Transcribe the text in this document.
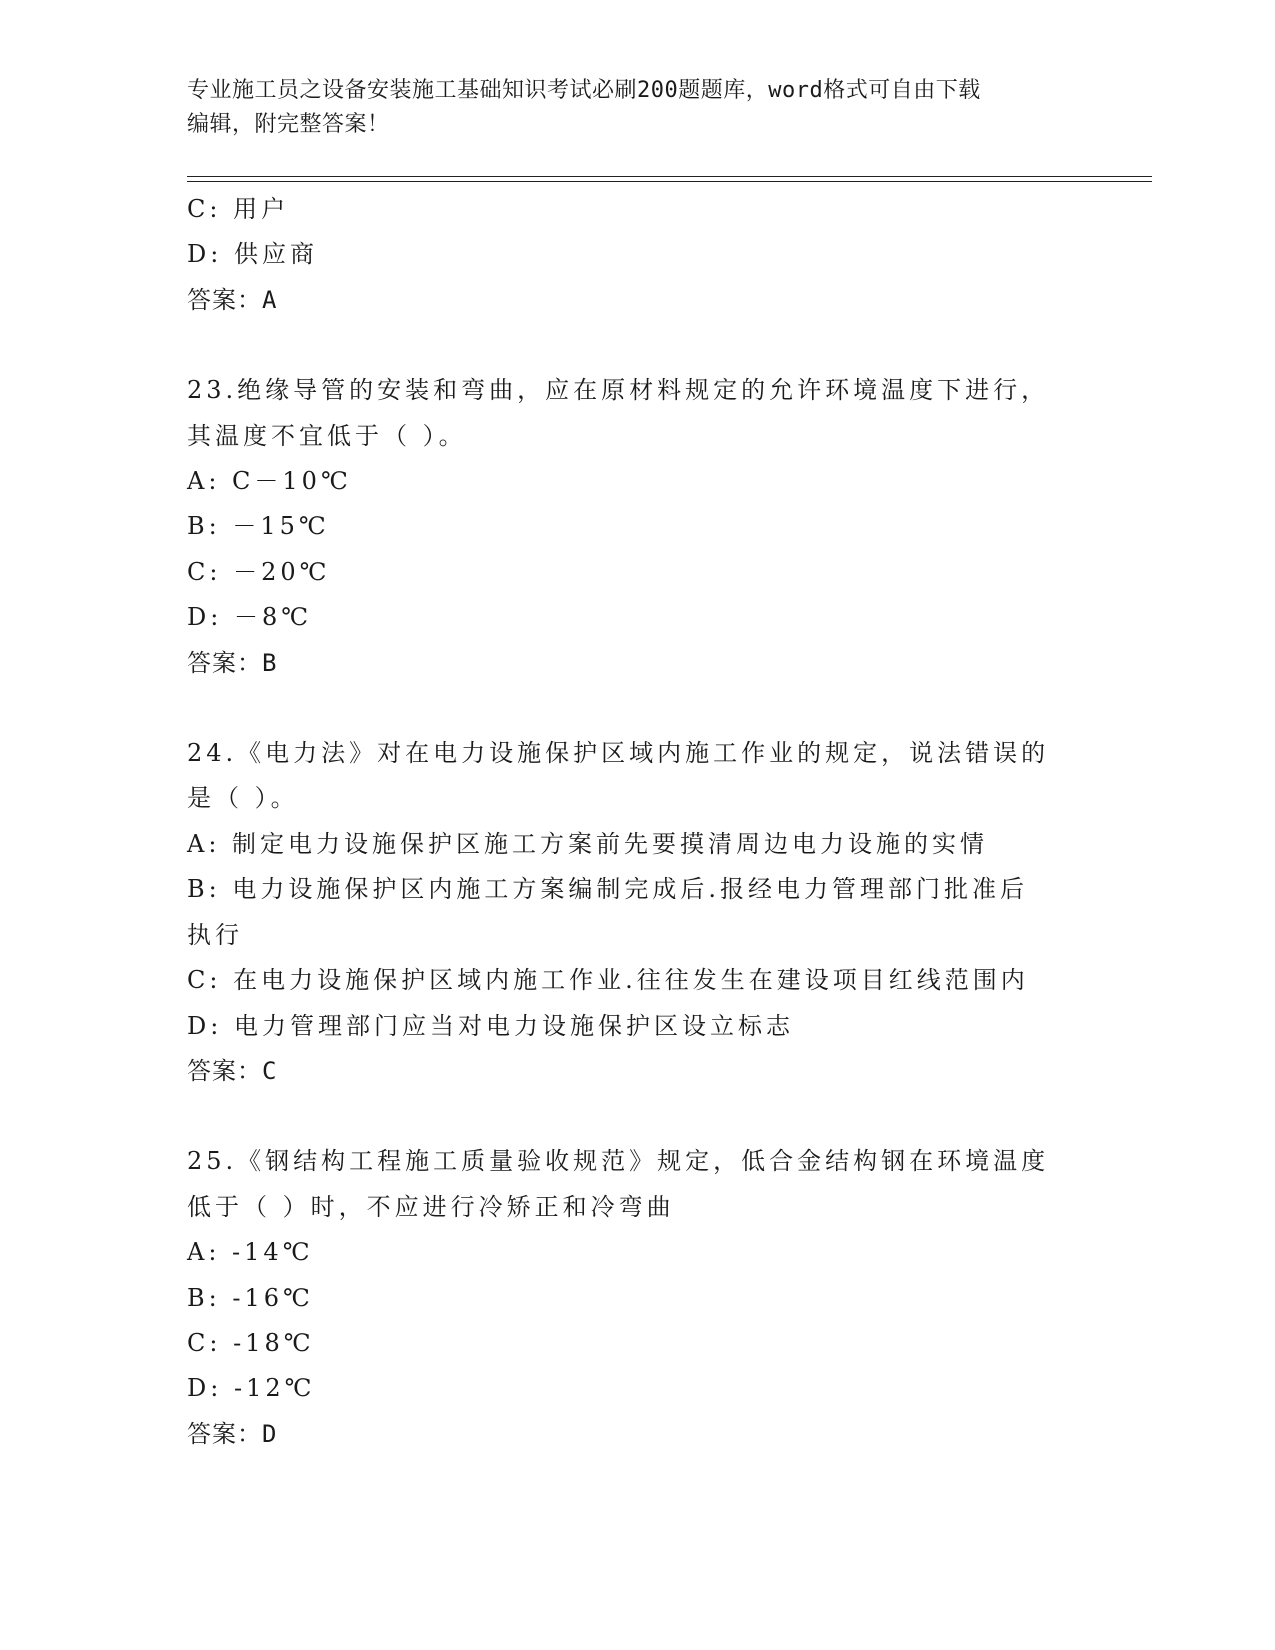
专业施工员之设备安装施工基础知识考试必刷200题题库，word格式可自由下载
编辑，附完整答案！
C: 用户
D: 供应商
答案：A
23.绝缘导管的安装和弯曲，应在原材料规定的允许环境温度下进行，
其温度不宜低于（ ）。
A: C－10℃
B: －15℃
C: －20℃
D: －8℃
答案：B
24.《电力法》对在电力设施保护区域内施工作业的规定，说法错误的
是（ ）。
A: 制定电力设施保护区施工方案前先要摸清周边电力设施的实情
B: 电力设施保护区内施工方案编制完成后.报经电力管理部门批准后
执行
C: 在电力设施保护区域内施工作业.往往发生在建设项目红线范围内
D: 电力管理部门应当对电力设施保护区设立标志
答案：C
25.《钢结构工程施工质量验收规范》规定，低合金结构钢在环境温度
低于（ ）时，不应进行冷矫正和冷弯曲
A: -14℃
B: -16℃
C: -18℃
D: -12℃
答案：D
